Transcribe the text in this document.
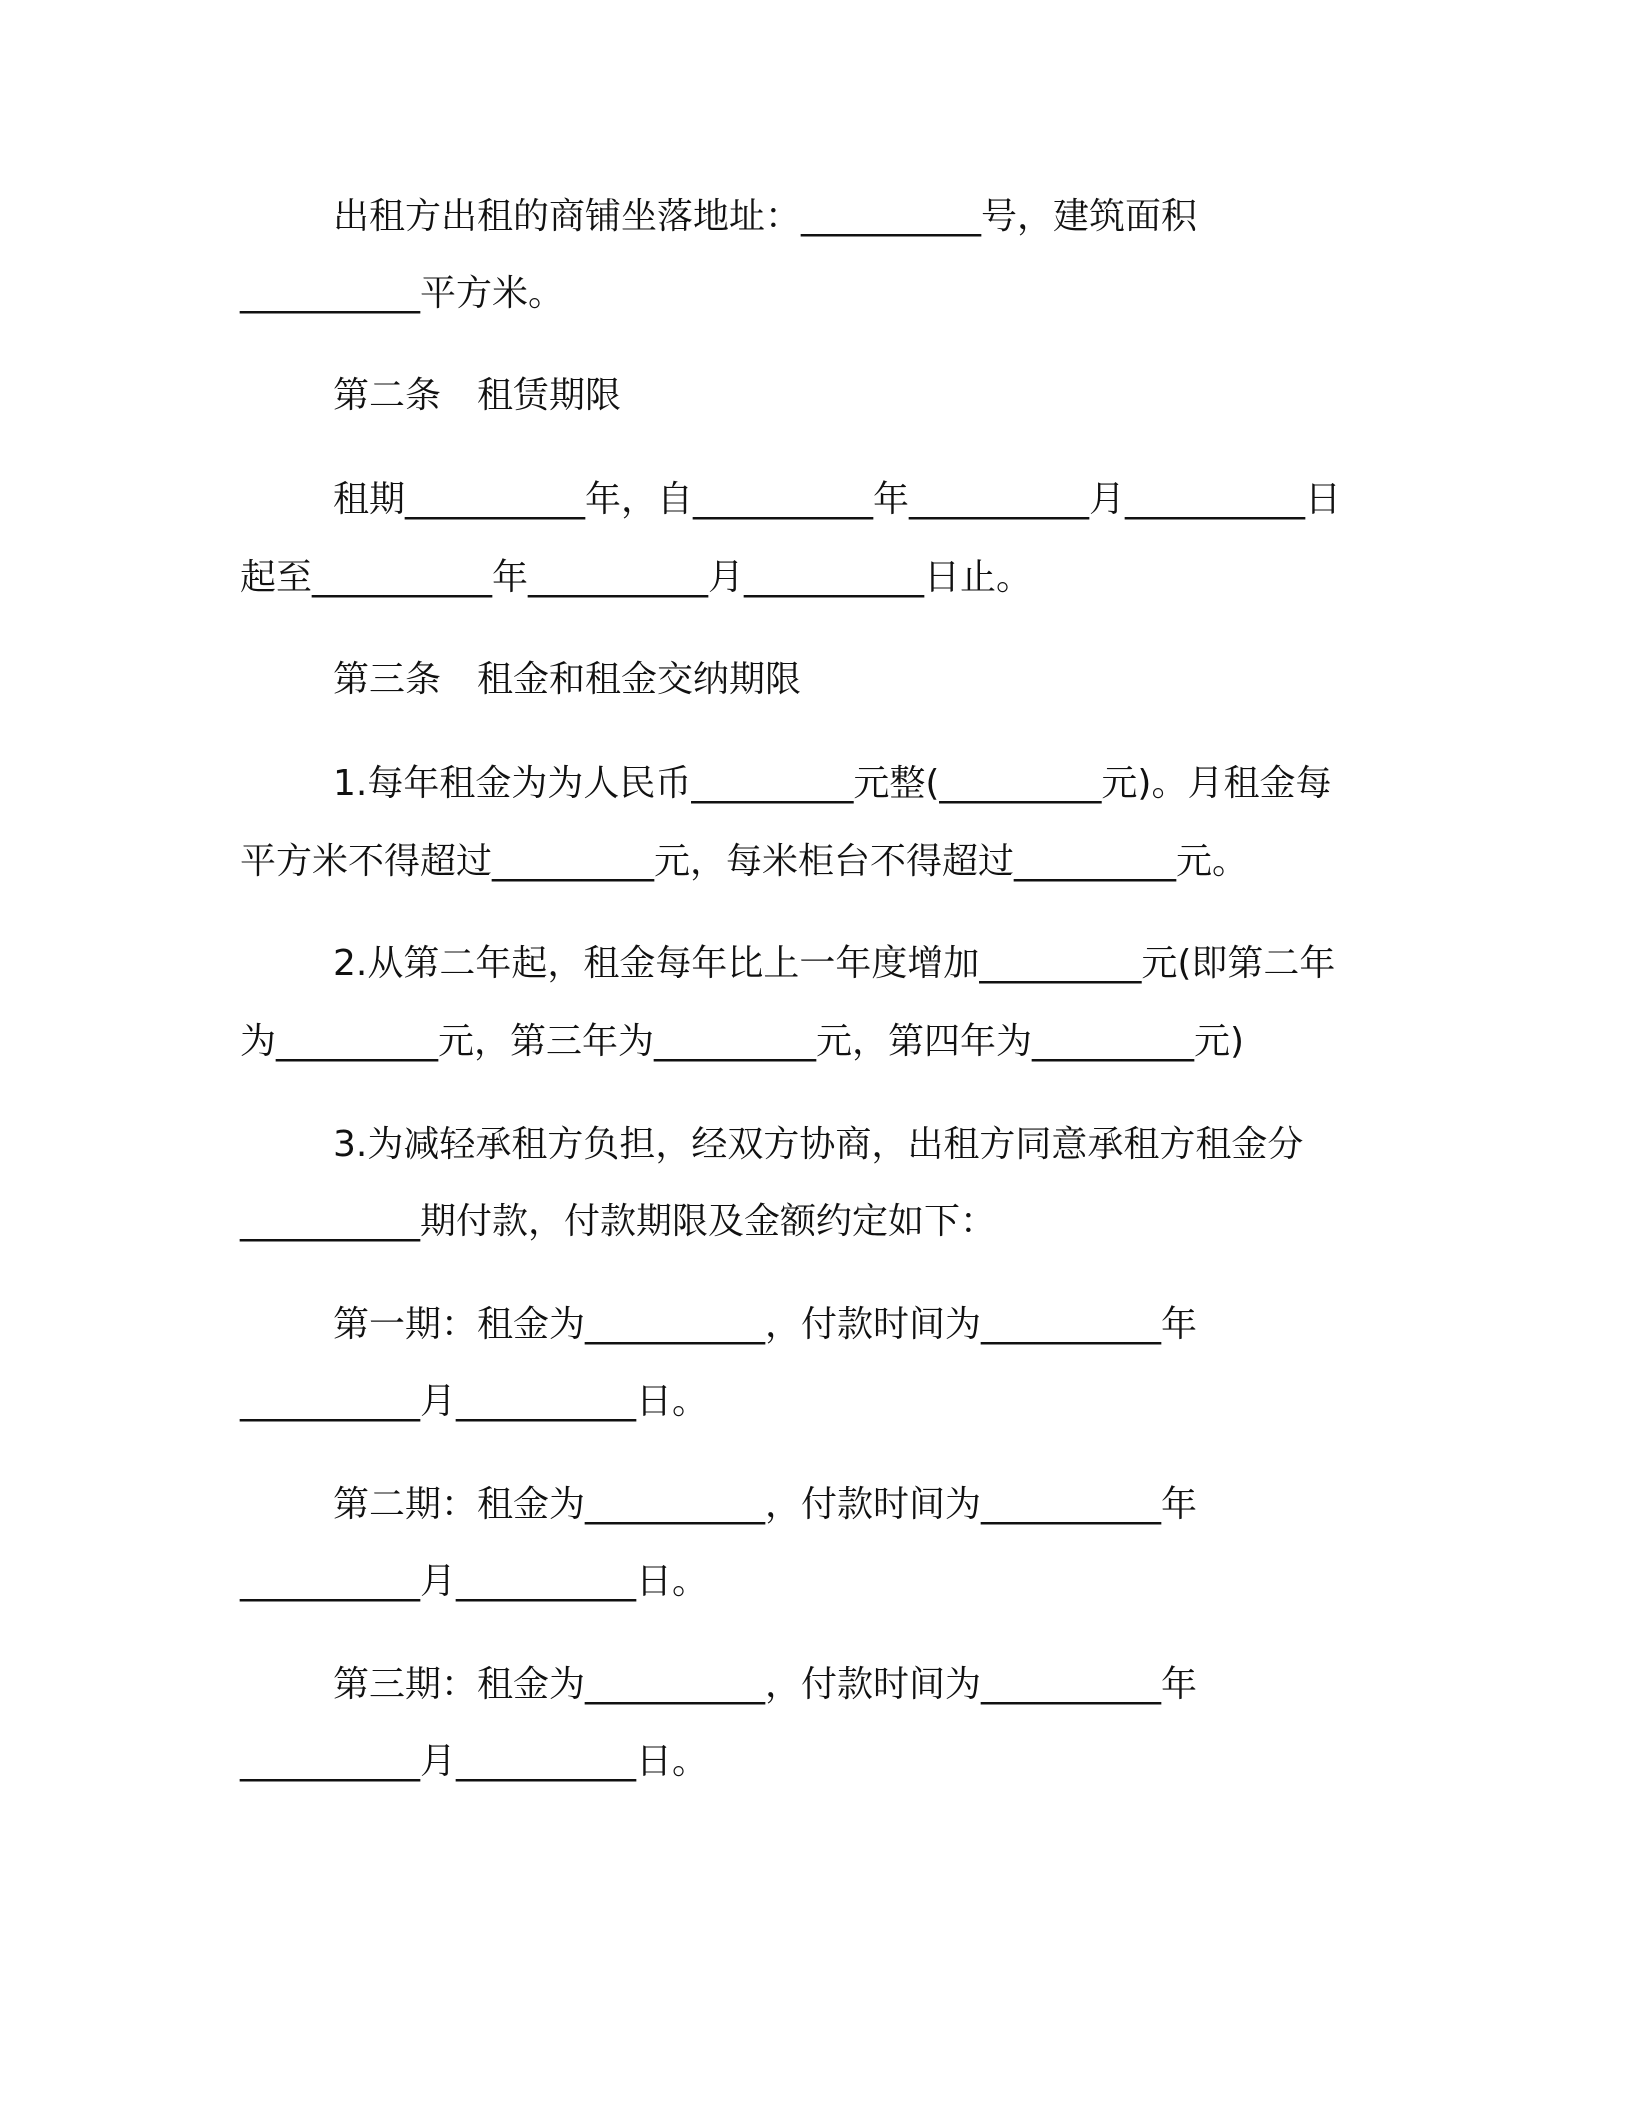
出租方出租的商铺坐落地址：__________号，建筑面积

__________平方米。

第二条　租赁期限

租期__________年，自__________年__________月__________日

起至__________年__________月__________日止。

第三条　租金和租金交纳期限

1.每年租金为为人民币_________元整(_________元)。月租金每

平方米不得超过_________元，每米柜台不得超过_________元。

2.从第二年起，租金每年比上一年度增加_________元(即第二年

为_________元，第三年为_________元，第四年为_________元)

3.为减轻承租方负担，经双方协商，出租方同意承租方租金分

__________期付款，付款期限及金额约定如下：

第一期：租金为__________，付款时间为__________年

__________月__________日。

第二期：租金为__________，付款时间为__________年

__________月__________日。

第三期：租金为__________，付款时间为__________年

__________月__________日。
